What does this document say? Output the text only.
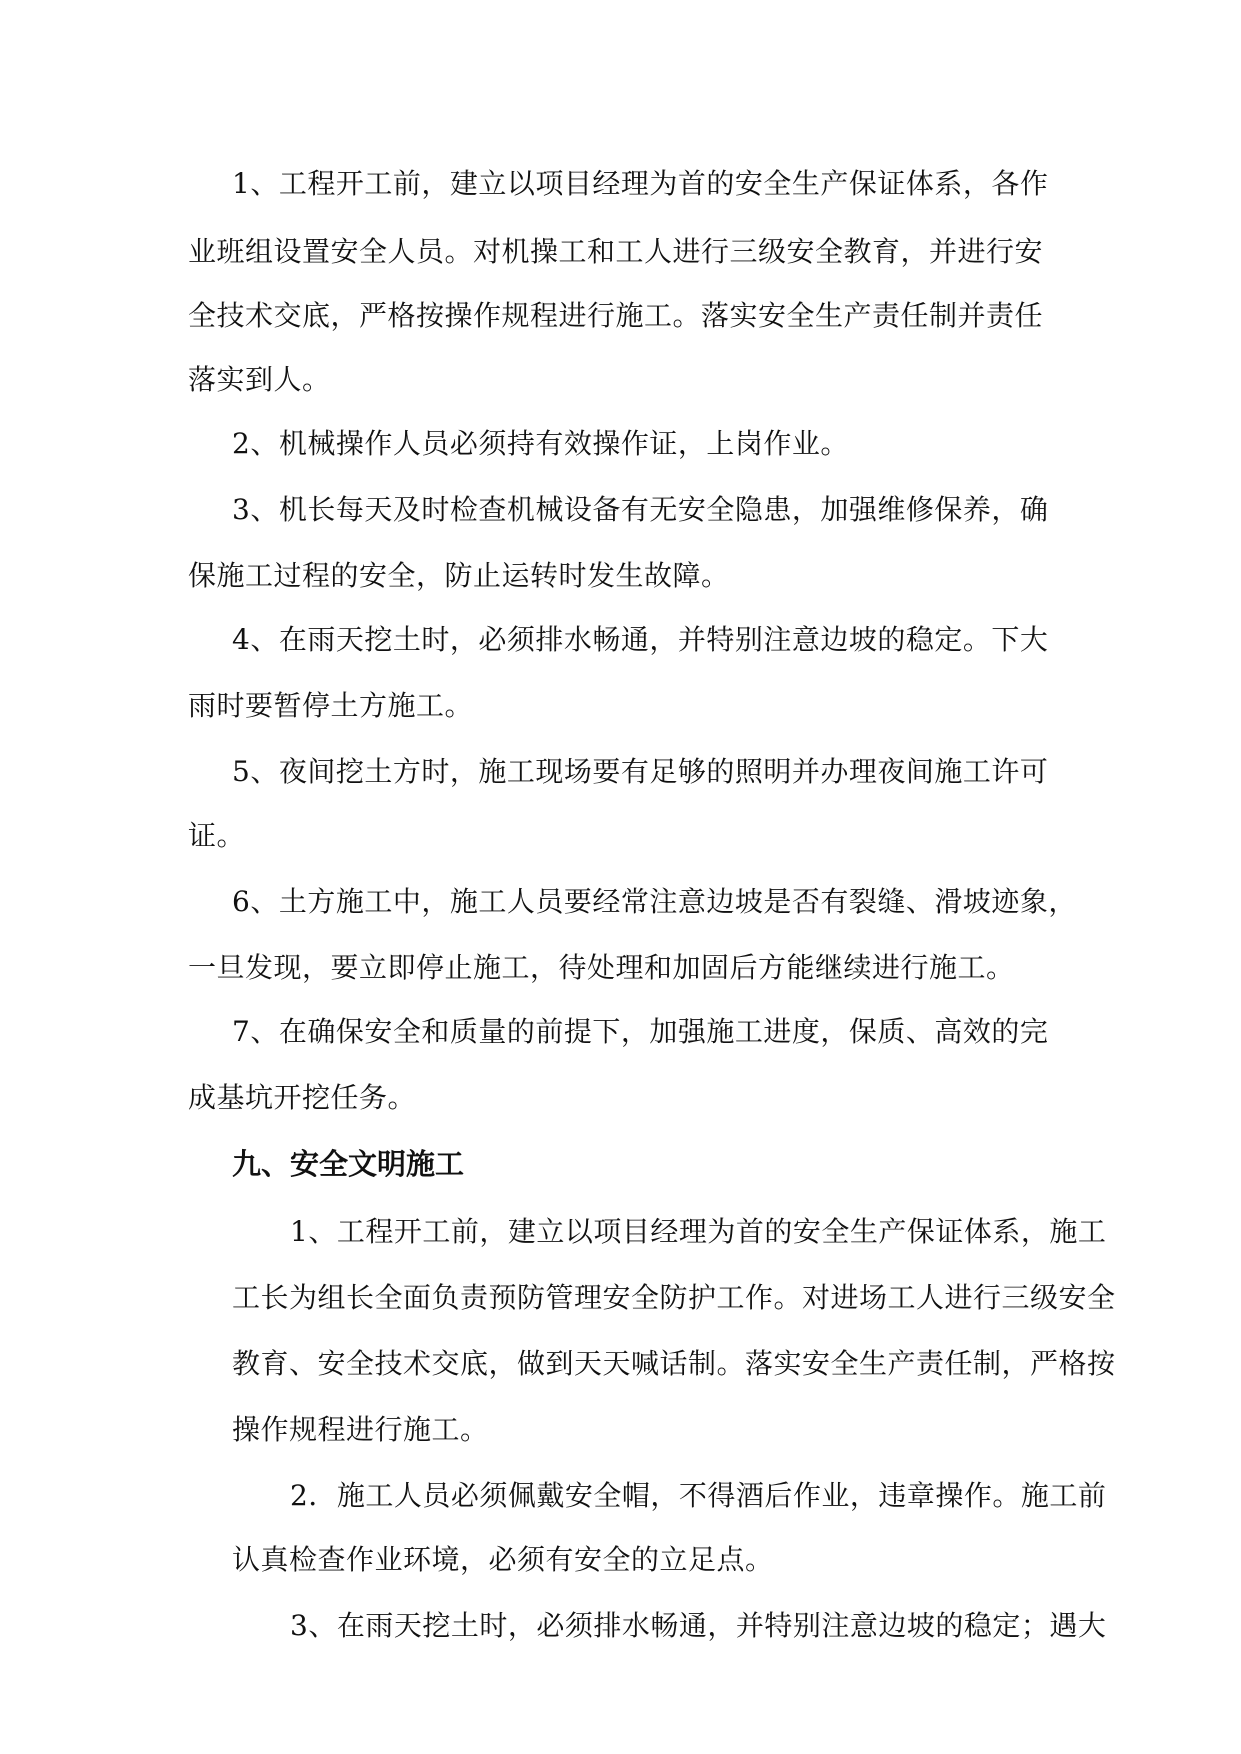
1、工程开工前，建立以项目经理为首的安全生产保证体系，各作
业班组设置安全人员。对机操工和工人进行三级安全教育，并进行安
全技术交底，严格按操作规程进行施工。落实安全生产责任制并责任
落实到人。
2、机械操作人员必须持有效操作证，上岗作业。
3、机长每天及时检查机械设备有无安全隐患，加强维修保养，确
保施工过程的安全，防止运转时发生故障。
4、在雨天挖土时，必须排水畅通，并特别注意边坡的稳定。下大
雨时要暂停土方施工。
5、夜间挖土方时，施工现场要有足够的照明并办理夜间施工许可
证。
6、土方施工中，施工人员要经常注意边坡是否有裂缝、滑坡迹象，
一旦发现，要立即停止施工，待处理和加固后方能继续进行施工。
7、在确保安全和质量的前提下，加强施工进度，保质、高效的完
成基坑开挖任务。
九、安全文明施工
1、工程开工前，建立以项目经理为首的安全生产保证体系，施工
工长为组长全面负责预防管理安全防护工作。对进场工人进行三级安全
教育、安全技术交底，做到天天喊话制。落实安全生产责任制，严格按
操作规程进行施工。
2．施工人员必须佩戴安全帽，不得酒后作业，违章操作。施工前
认真检查作业环境，必须有安全的立足点。
3、在雨天挖土时，必须排水畅通，并特别注意边坡的稳定；遇大
